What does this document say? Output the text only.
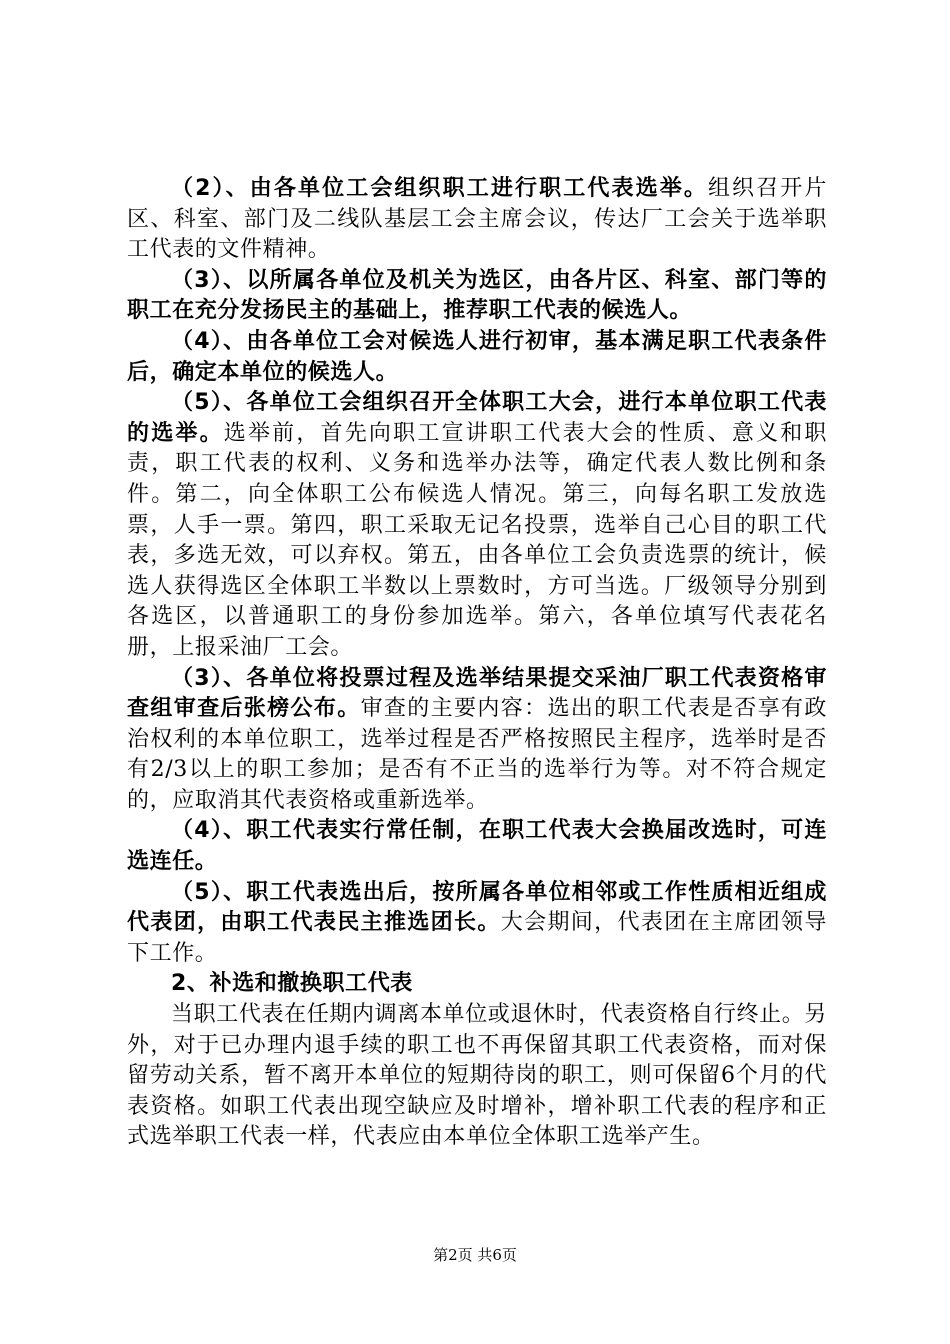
（2）、由各单位工会组织职工进行职工代表选举。组织召开片区、科室、部门及二线队基层工会主席会议，传达厂工会关于选举职工代表的文件精神。

（3）、以所属各单位及机关为选区，由各片区、科室、部门等的职工在充分发扬民主的基础上，推荐职工代表的候选人。

（4）、由各单位工会对候选人进行初审，基本满足职工代表条件后，确定本单位的候选人。

（5）、各单位工会组织召开全体职工大会，进行本单位职工代表的选举。选举前，首先向职工宣讲职工代表大会的性质、意义和职责，职工代表的权利、义务和选举办法等，确定代表人数比例和条件。第二，向全体职工公布候选人情况。第三，向每名职工发放选票，人手一票。第四，职工采取无记名投票，选举自己心目的职工代表，多选无效，可以弃权。第五，由各单位工会负责选票的统计，候选人获得选区全体职工半数以上票数时，方可当选。厂级领导分别到各选区，以普通职工的身份参加选举。第六，各单位填写代表花名册，上报采油厂工会。

（3）、各单位将投票过程及选举结果提交采油厂职工代表资格审查组审查后张榜公布。审查的主要内容：选出的职工代表是否享有政治权利的本单位职工，选举过程是否严格按照民主程序，选举时是否有2/3以上的职工参加；是否有不正当的选举行为等。对不符合规定的，应取消其代表资格或重新选举。

（4）、职工代表实行常任制，在职工代表大会换届改选时，可连选连任。

（5）、职工代表选出后，按所属各单位相邻或工作性质相近组成代表团，由职工代表民主推选团长。大会期间，代表团在主席团领导下工作。

2、补选和撤换职工代表

当职工代表在任期内调离本单位或退休时，代表资格自行终止。另外，对于已办理内退手续的职工也不再保留其职工代表资格，而对保留劳动关系，暂不离开本单位的短期待岗的职工，则可保留6个月的代表资格。如职工代表出现空缺应及时增补，增补职工代表的程序和正式选举职工代表一样，代表应由本单位全体职工选举产生。

第2页 共6页
